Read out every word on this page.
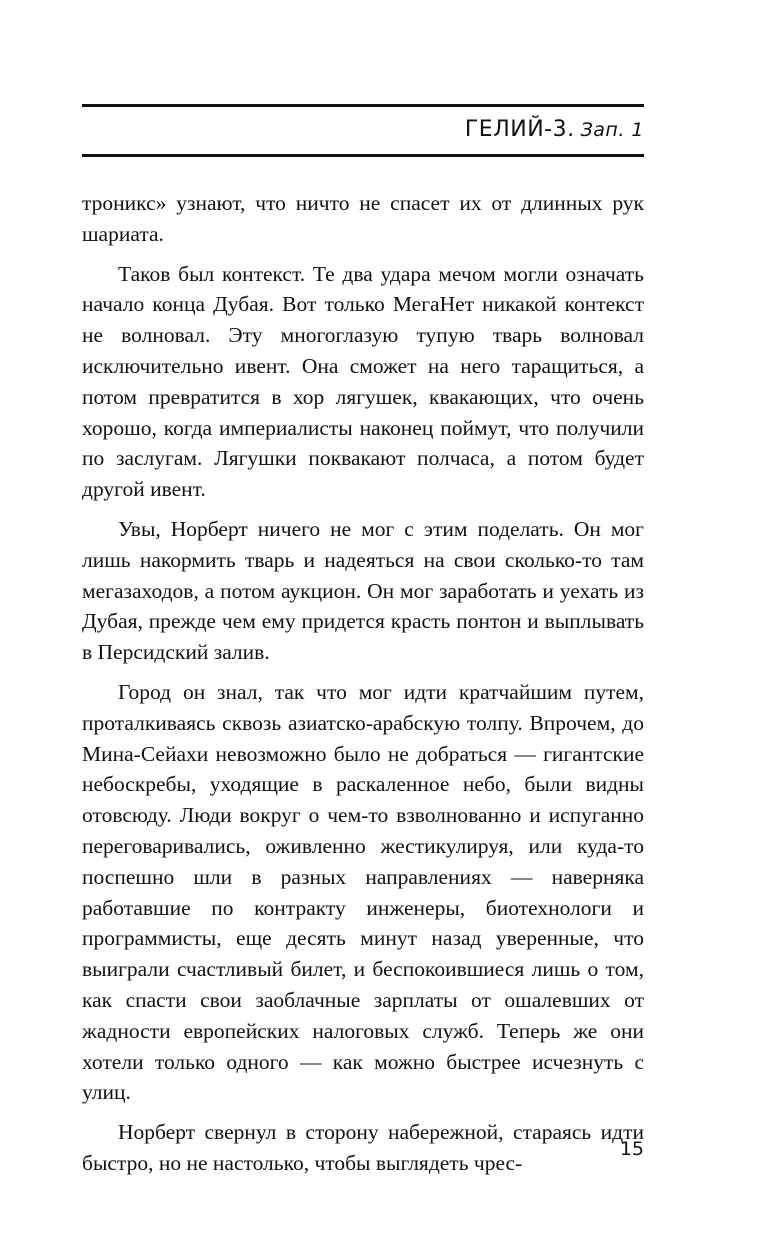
ГЕЛИЙ-3. Зап. 1

троникс» узнают, что ничто не спасет их от длинных рук шариата.

Таков был контекст. Те два удара мечом могли означать начало конца Дубая. Вот только МегаНет никакой контекст не волновал. Эту многоглазую тупую тварь волновал исключительно ивент. Она сможет на него таращиться, а потом превратится в хор лягушек, квакающих, что очень хорошо, когда империалисты наконец поймут, что получили по заслугам. Лягушки поквакают полчаса, а потом будет другой ивент.

Увы, Норберт ничего не мог с этим поделать. Он мог лишь накормить тварь и надеяться на свои сколько-то там мегазаходов, а потом аукцион. Он мог заработать и уехать из Дубая, прежде чем ему придется красть понтон и выплывать в Персидский залив.

Город он знал, так что мог идти кратчайшим путем, проталкиваясь сквозь азиатско-арабскую толпу. Впрочем, до Мина-Сейахи невозможно было не добраться — гигантские небоскребы, уходящие в раскаленное небо, были видны отовсюду. Люди вокруг о чем-то взволнованно и испуганно переговаривались, оживленно жестикулируя, или куда-то поспешно шли в разных направлениях — наверняка работавшие по контракту инженеры, биотехнологи и программисты, еще десять минут назад уверенные, что выиграли счастливый билет, и беспокоившиеся лишь о том, как спасти свои заоблачные зарплаты от ошалевших от жадности европейских налоговых служб. Теперь же они хотели только одного — как можно быстрее исчезнуть с улиц.

Норберт свернул в сторону набережной, стараясь идти быстро, но не настолько, чтобы выглядеть чрес-

15
